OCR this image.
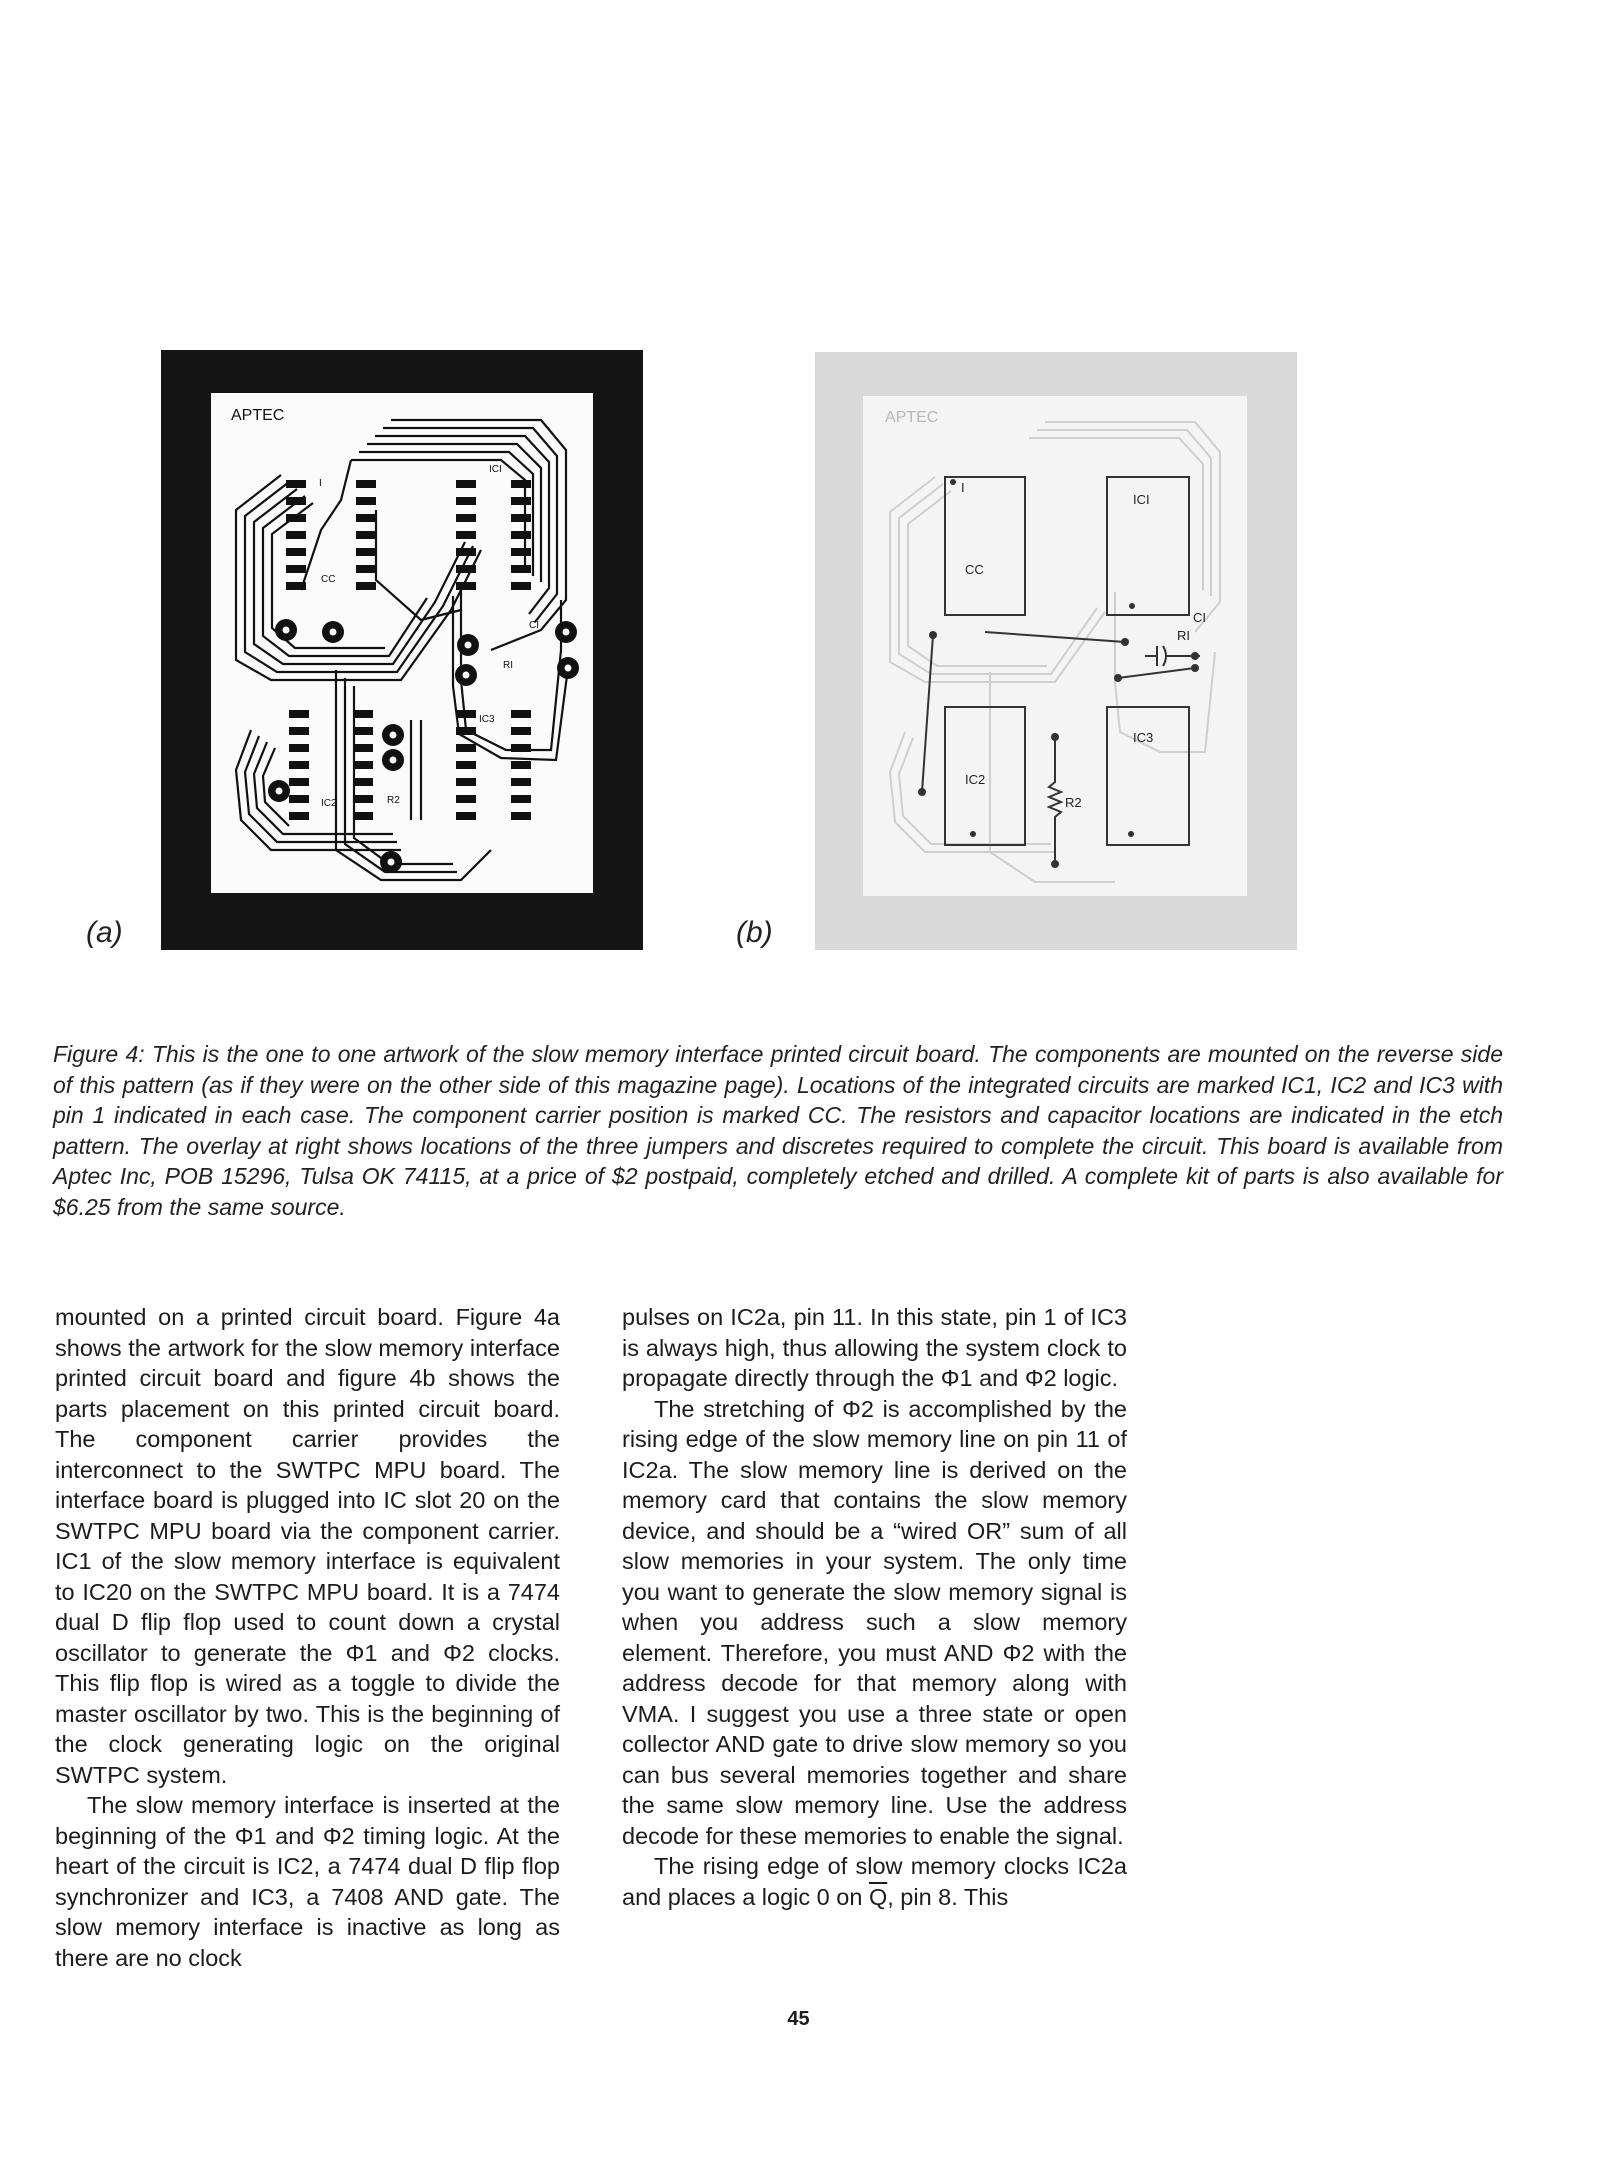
APTEC
ICI
CC
IC2
IC3
CI
RI
R2
I
(a)
APTEC
ICI
CC
IC2
IC3
CI
RI
R2
I
(b)

Figure 4: This is the one to one artwork of the slow memory interface printed circuit board. The components are mounted on the reverse side of this pattern (as if they were on the other side of this magazine page). Locations of the integrated circuits are marked IC1, IC2 and IC3 with pin 1 indicated in each case. The component carrier position is marked CC. The resistors and capacitor locations are indicated in the etch pattern. The overlay at right shows locations of the three jumpers and discretes required to complete the circuit. This board is available from Aptec Inc, POB 15296, Tulsa OK 74115, at a price of $2 postpaid, completely etched and drilled. A complete kit of parts is also available for $6.25 from the same source.

mounted on a printed circuit board. Figure 4a shows the artwork for the slow memory interface printed circuit board and figure 4b shows the parts placement on this printed circuit board. The component carrier provides the interconnect to the SWTPC MPU board. The interface board is plugged into IC slot 20 on the SWTPC MPU board via the component carrier. IC1 of the slow memory interface is equivalent to IC20 on the SWTPC MPU board. It is a 7474 dual D flip flop used to count down a crystal oscillator to generate the Φ1 and Φ2 clocks. This flip flop is wired as a toggle to divide the master oscillator by two. This is the beginning of the clock generating logic on the original SWTPC system.

The slow memory interface is inserted at the beginning of the Φ1 and Φ2 timing logic. At the heart of the circuit is IC2, a 7474 dual D flip flop synchronizer and IC3, a 7408 AND gate. The slow memory interface is inactive as long as there are no clock

pulses on IC2a, pin 11. In this state, pin 1 of IC3 is always high, thus allowing the system clock to propagate directly through the Φ1 and Φ2 logic.

The stretching of Φ2 is accomplished by the rising edge of the slow memory line on pin 11 of IC2a. The slow memory line is derived on the memory card that contains the slow memory device, and should be a “wired OR” sum of all slow memories in your system. The only time you want to generate the slow memory signal is when you address such a slow memory element. Therefore, you must AND Φ2 with the address decode for that memory along with VMA. I suggest you use a three state or open collector AND gate to drive slow memory so you can bus several memories together and share the same slow memory line. Use the address decode for these memories to enable the signal.

The rising edge of slow memory clocks IC2a and places a logic 0 on $\overline{Q}$, pin 8. This

45
